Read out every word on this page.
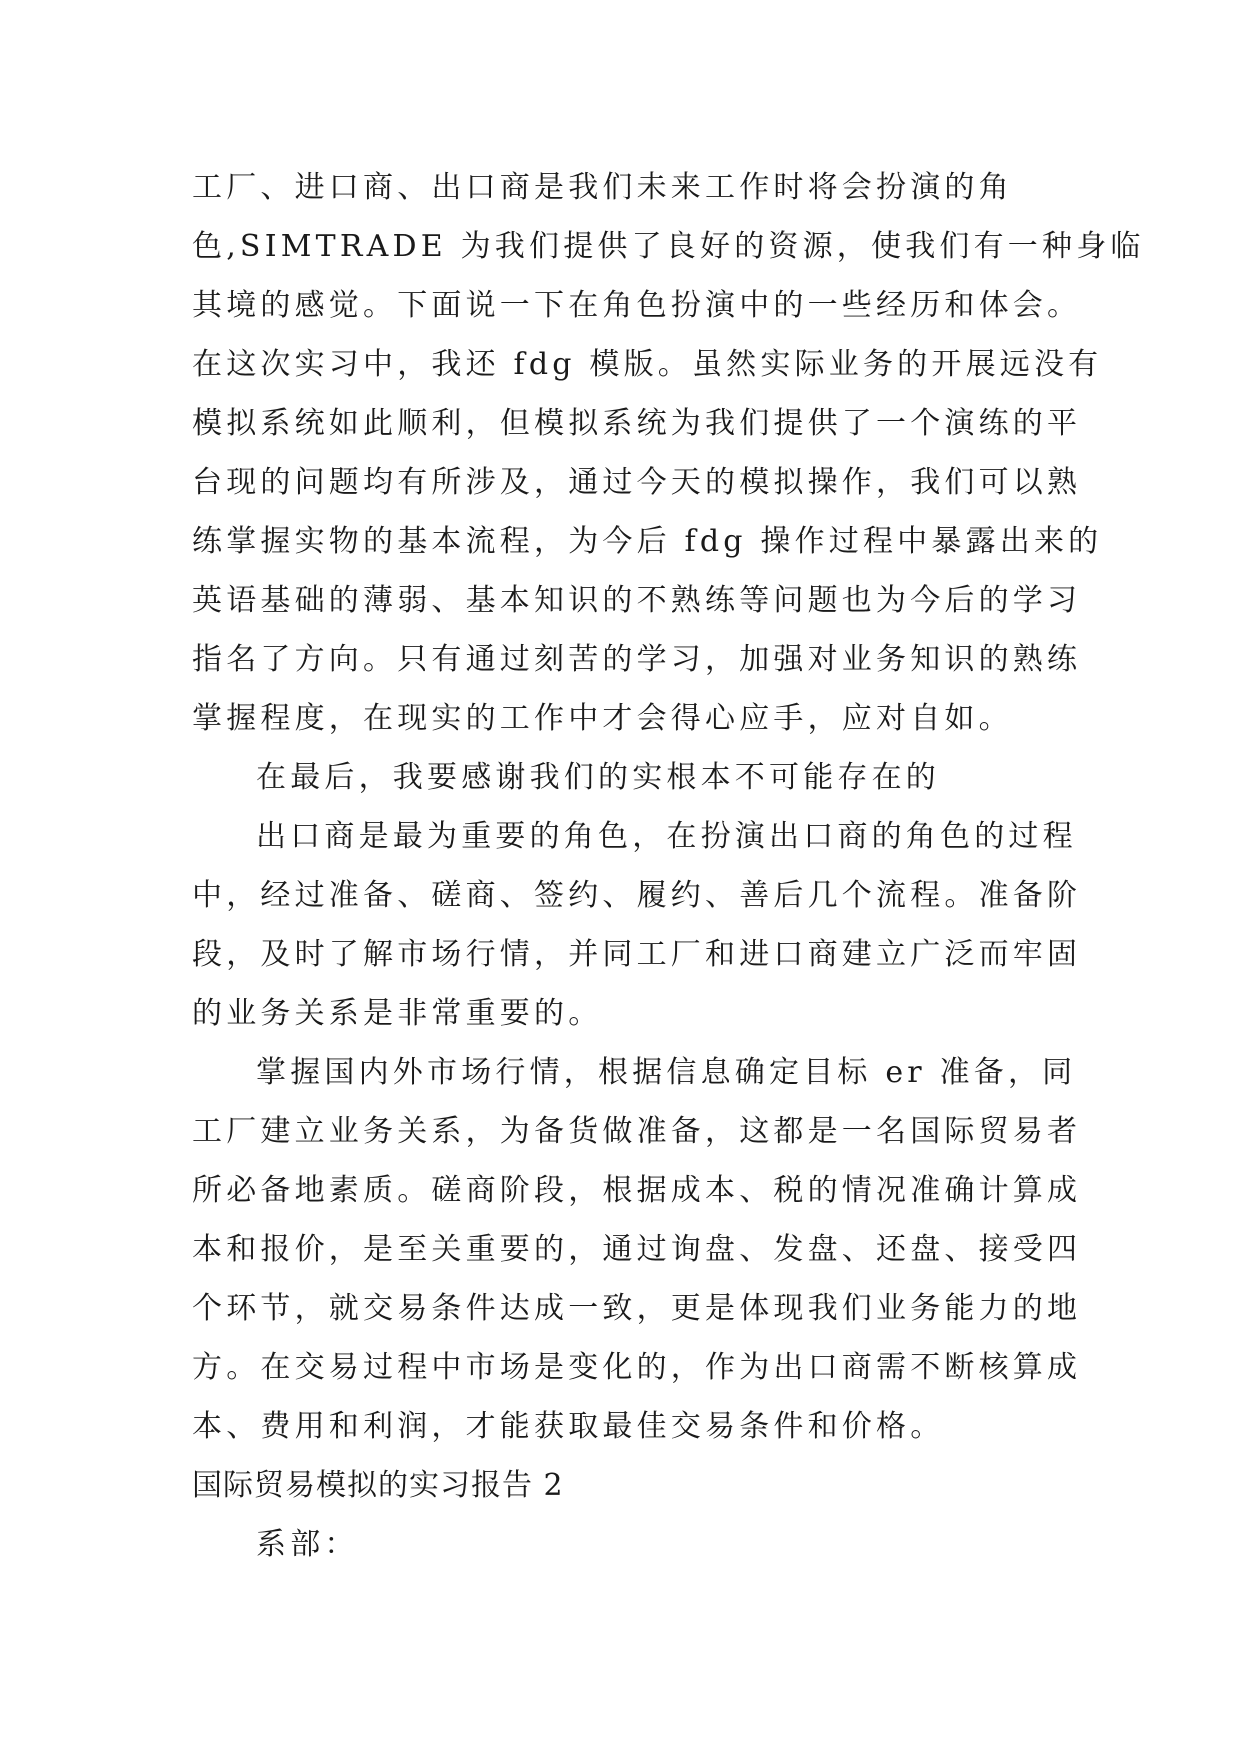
工厂、进口商、出口商是我们未来工作时将会扮演的角
色,SIMTRADE 为我们提供了良好的资源，使我们有一种身临
其境的感觉。下面说一下在角色扮演中的一些经历和体会。
在这次实习中，我还 fdg 模版。虽然实际业务的开展远没有
模拟系统如此顺利，但模拟系统为我们提供了一个演练的平
台现的问题均有所涉及，通过今天的模拟操作，我们可以熟
练掌握实物的基本流程，为今后 fdg 操作过程中暴露出来的
英语基础的薄弱、基本知识的不熟练等问题也为今后的学习
指名了方向。只有通过刻苦的学习，加强对业务知识的熟练
掌握程度，在现实的工作中才会得心应手，应对自如。
在最后，我要感谢我们的实根本不可能存在的
出口商是最为重要的角色，在扮演出口商的角色的过程
中，经过准备、磋商、签约、履约、善后几个流程。准备阶
段，及时了解市场行情，并同工厂和进口商建立广泛而牢固
的业务关系是非常重要的。
掌握国内外市场行情，根据信息确定目标 er 准备，同
工厂建立业务关系，为备货做准备，这都是一名国际贸易者
所必备地素质。磋商阶段，根据成本、税的情况准确计算成
本和报价，是至关重要的，通过询盘、发盘、还盘、接受四
个环节，就交易条件达成一致，更是体现我们业务能力的地
方。在交易过程中市场是变化的，作为出口商需不断核算成
本、费用和利润，才能获取最佳交易条件和价格。
国际贸易模拟的实习报告 2
系部：
